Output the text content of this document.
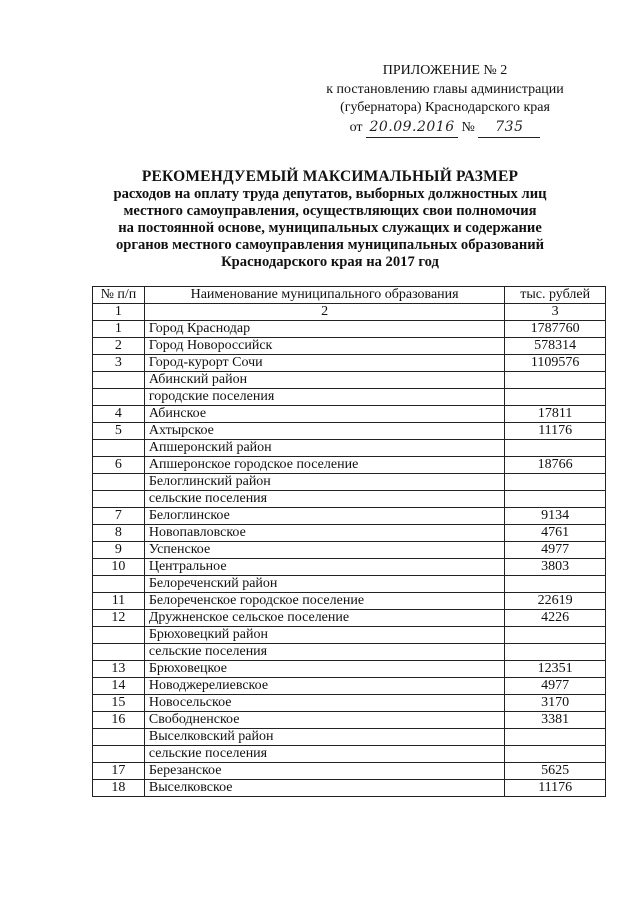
ПРИЛОЖЕНИЕ № 2
к постановлению главы администрации
(губернатора) Краснодарского края
от 20.09.2016 № 735
РЕКОМЕНДУЕМЫЙ МАКСИМАЛЬНЫЙ РАЗМЕР
расходов на оплату труда депутатов, выборных должностных лиц
местного самоуправления, осуществляющих свои полномочия
на постоянной основе, муниципальных служащих и содержание
органов местного самоуправления муниципальных образований
Краснодарского края на 2017 год
№ п/п	Наименование муниципального образования	тыс. рублей
1	2	3
1	Город Краснодар	1787760
2	Город Новороссийск	578314
3	Город-курорт Сочи	1109576
	Абинский район	
	городские поселения	
4	Абинское	17811
5	Ахтырское	11176
	Апшеронский район	
6	Апшеронское городское поселение	18766
	Белоглинский район	
	сельские поселения	
7	Белоглинское	9134
8	Новопавловское	4761
9	Успенское	4977
10	Центральное	3803
	Белореченский район	
11	Белореченское городское поселение	22619
12	Дружненское сельское поселение	4226
	Брюховецкий район	
	сельские поселения	
13	Брюховецкое	12351
14	Новоджерелиевское	4977
15	Новосельское	3170
16	Свободненское	3381
	Выселковский район	
	сельские поселения	
17	Березанское	5625
18	Выселковское	11176
